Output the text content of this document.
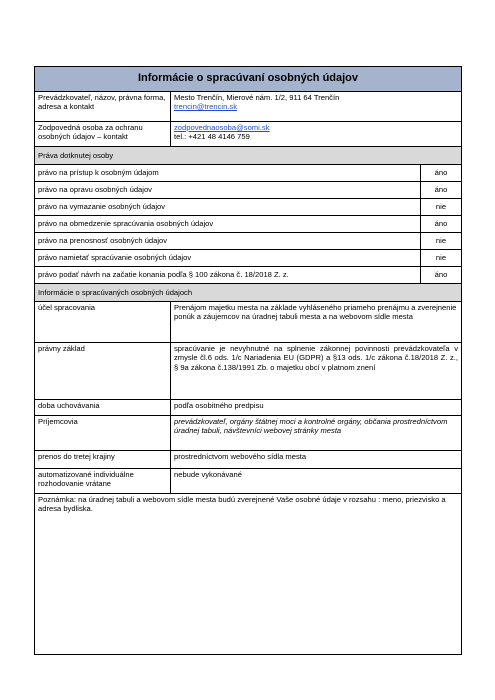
Informácie o spracúvaní osobných údajov		
Prevádzkovateľ, názov, právna forma, adresa a kontakt	Mesto Trenčín, Mierové nám. 1/2, 911 64 Trenčín
trencin@trencin.sk	
Zodpovedná osoba za ochranu osobných údajov – kontakt	zodpovednaosoba@somi.sk
tel.: +421 48 4146 759	

Práva dotknutej osoby		
právo na prístup k osobným údajom		áno
právo na opravu osobných údajov		áno
právo na vymazanie osobných údajov		nie
právo na obmedzenie spracúvania osobných údajov		áno
právo na prenosnosť osobných údajov		nie
právo namietať spracúvanie osobných údajov		nie
právo podať návrh na začatie konania podľa § 100 zákona č. 18/2018 Z. z.		áno
Informácie o spracúvaných osobných údajoch		
účel spracovania	Prenájom majetku mesta na základe vyhláseného priameho prenájmu a zverejnenie ponúk a záujemcov na úradnej tabuli mesta a na webovom sídle mesta	
právny základ	spracúvanie je nevyhnutné na splnenie zákonnej povinnosti prevádzkovateľa v zmysle čl.6 ods. 1/c Nariadenia EU (GDPR) a §13 ods. 1/c zákona č.18/2018 Z. z., § 9a zákona č.138/1991 Zb. o majetku obcí v platnom znení	
doba uchovávania	podľa osobitného predpisu	
Príjemcovia	prevádzkovateľ, orgány štátnej moci a kontrolné orgány, občania prostredníctvom úradnej tabuli, návštevníci webovej stránky mesta	
prenos do tretej krajiny	prostredníctvom webového sídla mesta	
automatizované individuálne rozhodovanie vrátane	nebude vykonávané	
Poznámka: na úradnej tabuli a webovom sídle mesta budú zverejnené Vaše osobné údaje v rozsahu : meno, priezvisko a adresa bydliska.		
